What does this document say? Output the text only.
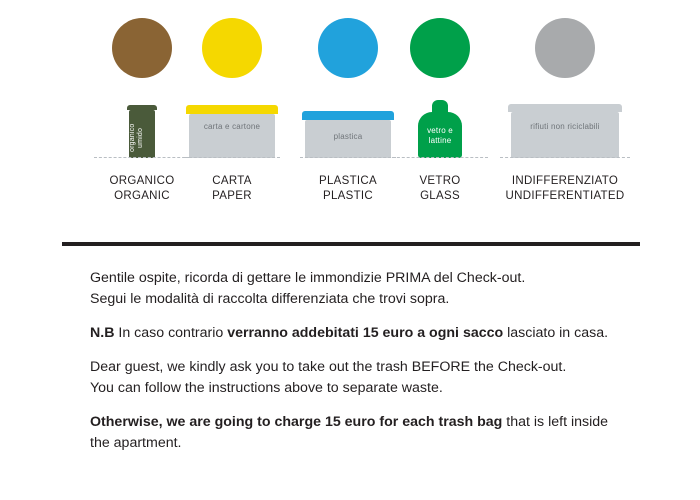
organico umido
ORGANICO
ORGANIC
carta e cartone
CARTA
PAPER
plastica
PLASTICA
PLASTIC
vetro e lattine
VETRO
GLASS
rifiuti non riciclabili
INDIFFERENZIATO
UNDIFFERENTIATED

Gentile ospite, ricorda di gettare le immondizie PRIMA del Check-out.

Segui le modalità di raccolta differenziata che trovi sopra.

N.B In caso contrario verranno addebitati 15 euro a ogni sacco lasciato in casa.

Dear guest, we kindly ask you to take out the trash BEFORE the Check-out.

You can follow the instructions above to separate waste.

Otherwise, we are going to charge 15 euro for each trash bag that is left inside the apartment.
